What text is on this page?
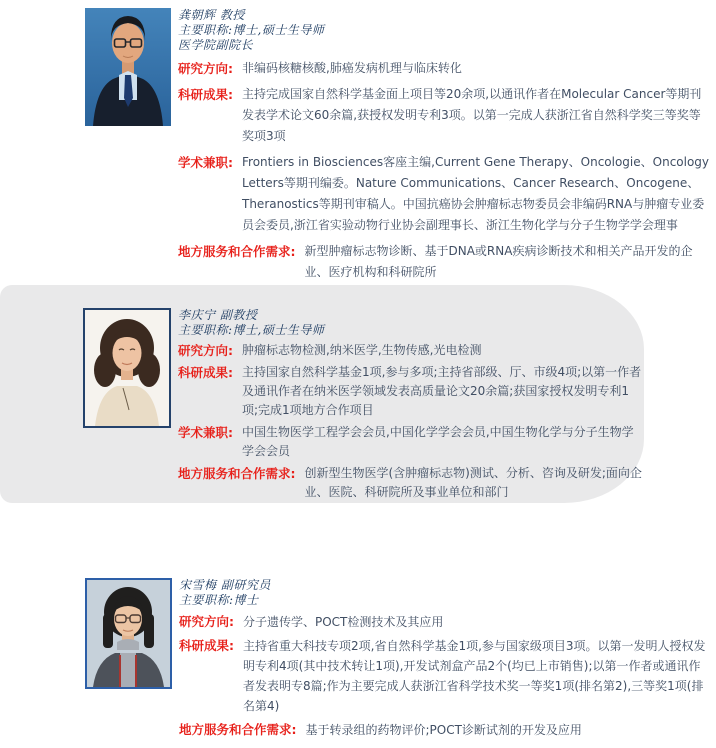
龚朝辉 教授
主要职称:博士,硕士生导师
医学院副院长
研究方向: 非编码核糖核酸,肺癌发病机理与临床转化
科研成果: 主持完成国家自然科学基金面上项目等20余项,以通讯作者在Molecular Cancer等期刊发表学术论文60余篇,获授权发明专利3项。以第一完成人获浙江省自然科学奖三等奖等奖项3项
学术兼职: Frontiers in Biosciences客座主编,Current Gene Therapy、Oncologie、Oncology Letters等期刊编委。Nature Communications、Cancer Research、Oncogene、Theranostics等期刊审稿人。中国抗癌协会肿瘤标志物委员会非编码RNA与肿瘤专业委员会委员,浙江省实验动物行业协会副理事长、浙江生物化学与分子生物学学会理事
地方服务和合作需求: 新型肿瘤标志物诊断、基于DNA或RNA疾病诊断技术和相关产品开发的企业、医疗机构和科研院所
李庆宁 副教授
主要职称:博士,硕士生导师
研究方向: 肿瘤标志物检测,纳米医学,生物传感,光电检测
科研成果: 主持国家自然科学基金1项,参与多项;主持省部级、厅、市级4项;以第一作者及通讯作者在纳米医学领域发表高质量论文20余篇;获国家授权发明专利1项;完成1项地方合作项目
学术兼职: 中国生物医学工程学会会员,中国化学学会会员,中国生物化学与分子生物学学会会员
地方服务和合作需求: 创新型生物医学(含肿瘤标志物)测试、分析、咨询及研发;面向企业、医院、科研院所及事业单位和部门
宋雪梅 副研究员
主要职称:博士
研究方向: 分子遗传学、POCT检测技术及其应用
科研成果: 主持省重大科技专项2项,省自然科学基金1项,参与国家级项目3项。以第一发明人授权发明专利4项(其中技术转让1项),开发试剂盒产品2个(均已上市销售);以第一作者或通讯作者发表明专8篇;作为主要完成人获浙江省科学技术奖一等奖1项(排名第2),三等奖1项(排名第4)
地方服务和合作需求: 基于转录组的药物评价;POCT诊断试剂的开发及应用
